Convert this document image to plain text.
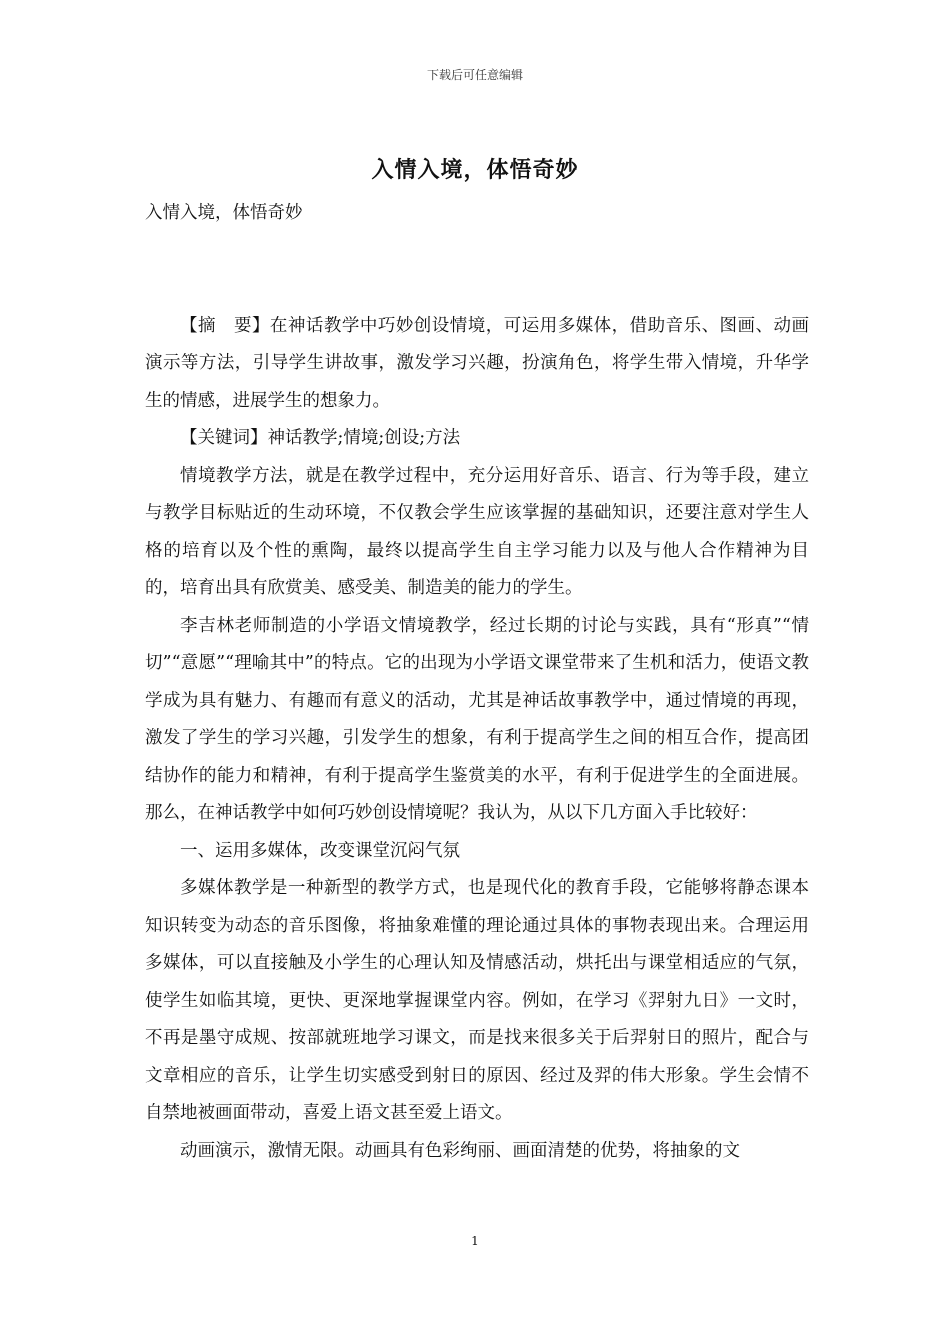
下载后可任意编辑
入情入境，体悟奇妙

入情入境，体悟奇妙

【摘　要】在神话教学中巧妙创设情境，可运用多媒体，借助音乐、图画、动画演示等方法，引导学生讲故事，激发学习兴趣，扮演角色，将学生带入情境，升华学生的情感，进展学生的想象力。

【关键词】神话教学;情境;创设;方法

情境教学方法，就是在教学过程中，充分运用好音乐、语言、行为等手段，建立与教学目标贴近的生动环境，不仅教会学生应该掌握的基础知识，还要注意对学生人格的培育以及个性的熏陶，最终以提高学生自主学习能力以及与他人合作精神为目的，培育出具有欣赏美、感受美、制造美的能力的学生。

李吉林老师制造的小学语文情境教学，经过长期的讨论与实践，具有“形真”“情切”“意愿”“理喻其中”的特点。它的出现为小学语文课堂带来了生机和活力，使语文教学成为具有魅力、有趣而有意义的活动，尤其是神话故事教学中，通过情境的再现，激发了学生的学习兴趣，引发学生的想象，有利于提高学生之间的相互合作，提高团结协作的能力和精神，有利于提高学生鉴赏美的水平，有利于促进学生的全面进展。那么，在神话教学中如何巧妙创设情境呢？我认为，从以下几方面入手比较好：

一、运用多媒体，改变课堂沉闷气氛

多媒体教学是一种新型的教学方式，也是现代化的教育手段，它能够将静态课本知识转变为动态的音乐图像，将抽象难懂的理论通过具体的事物表现出来。合理运用多媒体，可以直接触及小学生的心理认知及情感活动，烘托出与课堂相适应的气氛，使学生如临其境，更快、更深地掌握课堂内容。例如，在学习《羿射九日》一文时，不再是墨守成规、按部就班地学习课文，而是找来很多关于后羿射日的照片，配合与文章相应的音乐，让学生切实感受到射日的原因、经过及羿的伟大形象。学生会情不自禁地被画面带动，喜爱上语文甚至爱上语文。

动画演示，激情无限。动画具有色彩绚丽、画面清楚的优势，将抽象的文

1
